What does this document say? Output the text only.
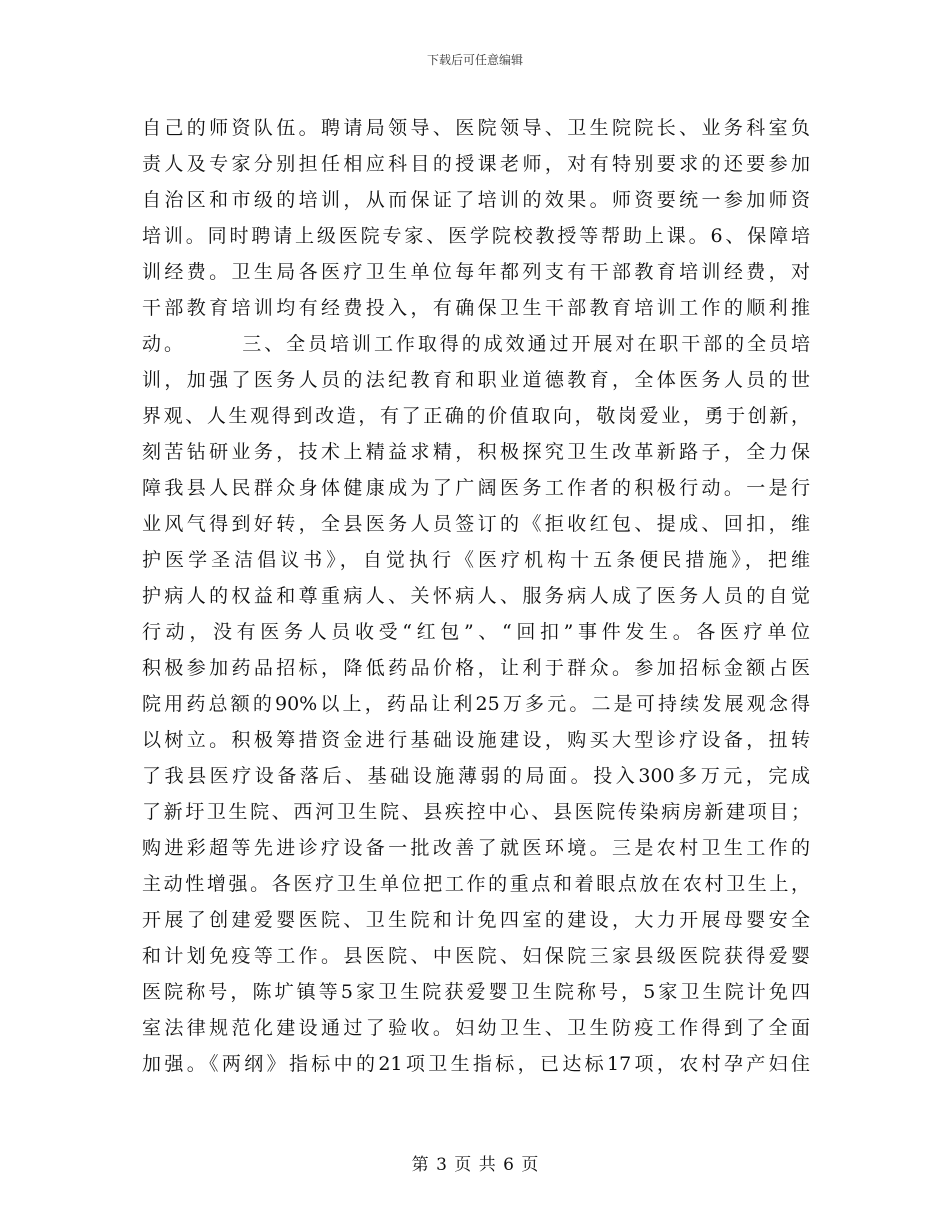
下载后可任意编辑
自己的师资队伍。聘请局领导、医院领导、卫生院院长、业务科室负
责人及专家分别担任相应科目的授课老师，对有特别要求的还要参加
自治区和市级的培训，从而保证了培训的效果。师资要统一参加师资
培训。同时聘请上级医院专家、医学院校教授等帮助上课。6、保障培
训经费。卫生局各医疗卫生单位每年都列支有干部教育培训经费，对
干部教育培训均有经费投入，有确保卫生干部教育培训工作的顺利推
动。　　　三、全员培训工作取得的成效通过开展对在职干部的全员培
训，加强了医务人员的法纪教育和职业道德教育，全体医务人员的世
界观、人生观得到改造，有了正确的价值取向，敬岗爱业，勇于创新，
刻苦钻研业务，技术上精益求精，积极探究卫生改革新路子，全力保
障我县人民群众身体健康成为了广阔医务工作者的积极行动。一是行
业风气得到好转，全县医务人员签订的《拒收红包、提成、回扣，维
护医学圣洁倡议书》，自觉执行《医疗机构十五条便民措施》，把维
护病人的权益和尊重病人、关怀病人、服务病人成了医务人员的自觉
行动，没有医务人员收受“红包”、“回扣”事件发生。各医疗单位
积极参加药品招标，降低药品价格，让利于群众。参加招标金额占医
院用药总额的90%以上，药品让利25万多元。二是可持续发展观念得
以树立。积极筹措资金进行基础设施建设，购买大型诊疗设备，扭转
了我县医疗设备落后、基础设施薄弱的局面。投入300多万元，完成
了新圩卫生院、西河卫生院、县疾控中心、县医院传染病房新建项目；
购进彩超等先进诊疗设备一批改善了就医环境。三是农村卫生工作的
主动性增强。各医疗卫生单位把工作的重点和着眼点放在农村卫生上，
开展了创建爱婴医院、卫生院和计免四室的建设，大力开展母婴安全
和计划免疫等工作。县医院、中医院、妇保院三家县级医院获得爱婴
医院称号，陈圹镇等5家卫生院获爱婴卫生院称号，5家卫生院计免四
室法律规范化建设通过了验收。妇幼卫生、卫生防疫工作得到了全面
加强。《两纲》指标中的21项卫生指标，已达标17项，农村孕产妇住
第 3 页 共 6 页
